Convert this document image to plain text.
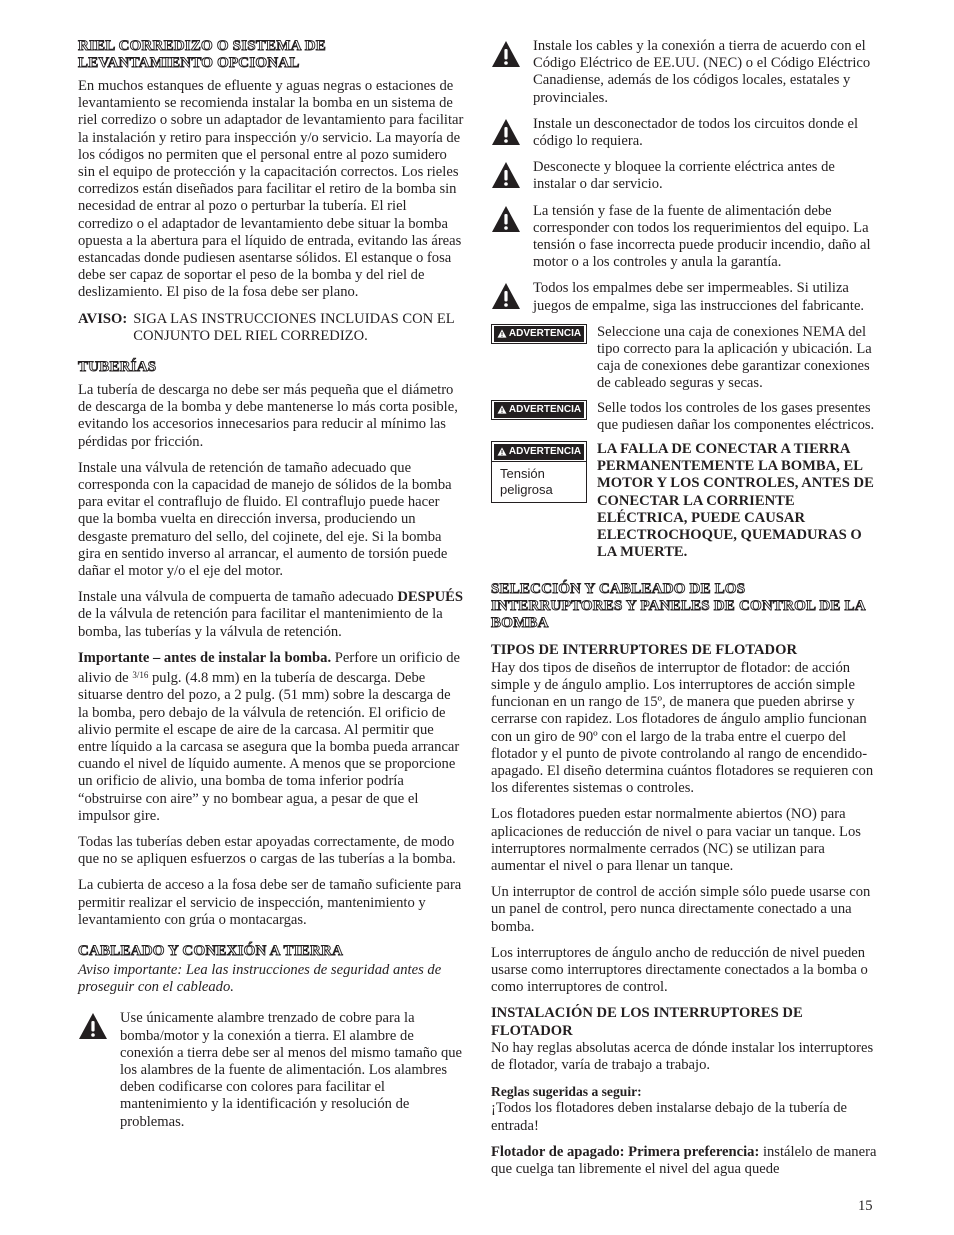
RIEL CORREDIZO O SISTEMA DE LEVANTAMIENTO OPCIONAL

En muchos estanques de efluente y aguas negras o estaciones de levantamiento se recomienda instalar la bomba en un sistema de riel corredizo o sobre un adaptador de levantamiento para facilitar la instalación y retiro para inspección y/o servicio. La mayoría de los códigos no permiten que el personal entre al pozo sumidero sin el equipo de protección y la capacitación correctos. Los rieles corredizos están diseñados para facilitar el retiro de la bomba sin necesidad de entrar al pozo o perturbar la tubería. El riel corredizo o el adaptador de levantamiento debe situar la bomba opuesta a la abertura para el líquido de entrada, evitando las áreas estancadas donde pudiesen asentarse sólidos. El estanque o fosa debe ser capaz de soportar el peso de la bomba y del riel de deslizamiento. El piso de la fosa debe ser plano.

AVISO: SIGA LAS INSTRUCCIONES INCLUIDAS CON EL CONJUNTO DEL RIEL CORREDIZO.
TUBERÍAS

La tubería de descarga no debe ser más pequeña que el diámetro de descarga de la bomba y debe mantenerse lo más corta posible, evitando los accesorios innecesarios para reducir al mínimo las pérdidas por fricción.

Instale una válvula de retención de tamaño adecuado que corresponda con la capacidad de manejo de sólidos de la bomba para evitar el contraflujo de fluido. El contraflujo puede hacer que la bomba vuelta en dirección inversa, produciendo un desgaste prematuro del sello, del cojinete, del eje. Si la bomba gira en sentido inverso al arrancar, el aumento de torsión puede dañar el motor y/o el eje del motor.

Instale una válvula de compuerta de tamaño adecuado DESPUÉS de la válvula de retención para facilitar el mantenimiento de la bomba, las tuberías y la válvula de retención.

Importante – antes de instalar la bomba. Perfore un orificio de alivio de $^{3/16}$ pulg. (4.8 mm) en la tubería de descarga. Debe situarse dentro del pozo, a 2 pulg. (51 mm) sobre la descarga de la bomba, pero debajo de la válvula de retención. El orificio de alivio permite el escape de aire de la carcasa. Al permitir que entre líquido a la carcasa se asegura que la bomba pueda arrancar cuando el nivel de líquido aumente. A menos que se proporcione un orificio de alivio, una bomba de toma inferior podría “obstruirse con aire” y no bombear agua, a pesar de que el impulsor gire.

Todas las tuberías deben estar apoyadas correctamente, de modo que no se apliquen esfuerzos o cargas de las tuberías a la bomba.

La cubierta de acceso a la fosa debe ser de tamaño suficiente para permitir realizar el servicio de inspección, mantenimiento y levantamiento con grúa o montacargas.

CABLEADO Y CONEXIÓN A TIERRA

Aviso importante: Lea las instrucciones de seguridad antes de proseguir con el cableado.

Use únicamente alambre trenzado de cobre para la bomba/motor y la conexión a tierra. El alambre de conexión a tierra debe ser al menos del mismo tamaño que los alambres de la fuente de alimentación. Los alambres deben codificarse con colores para facilitar el mantenimiento y la identificación y resolución de problemas.
Instale los cables y la conexión a tierra de acuerdo con el Código Eléctrico de EE.UU. (NEC) o el Código Eléctrico Canadiense, además de los códigos locales, estatales y provinciales.
Instale un desconectador de todos los circuitos donde el código lo requiera.
Desconecte y bloquee la corriente eléctrica antes de instalar o dar servicio.
La tensión y fase de la fuente de alimentación debe corresponder con todos los requerimientos del equipo. La tensión o fase incorrecta puede producir incendio, daño al motor o a los controles y anula la garantía.
Todos los empalmes debe ser impermeables. Si utiliza juegos de empalme, siga las instrucciones del fabricante.
ADVERTENCIA Seleccione una caja de conexiones NEMA del tipo correcto para la aplicación y ubicación. La caja de conexiones debe garantizar conexiones de cableado seguras y secas.
ADVERTENCIA Selle todos los controles de los gases presentes que pudiesen dañar los componentes eléctricos.
ADVERTENCIA
Tensión peligrosa
LA FALLA DE CONECTAR A TIERRA PERMANENTEMENTE LA BOMBA, EL MOTOR Y LOS CONTROLES, ANTES DE CONECTAR LA CORRIENTE ELÉCTRICA, PUEDE CAUSAR ELECTROCHOQUE, QUEMADURAS O LA MUERTE.
SELECCIÓN Y CABLEADO DE LOS INTERRUPTORES Y PANELES DE CONTROL DE LA BOMBA

TIPOS DE INTERRUPTORES DE FLOTADOR

Hay dos tipos de diseños de interruptor de flotador: de acción simple y de ángulo amplio. Los interruptores de acción simple funcionan en un rango de 15º, de manera que pueden abrirse y cerrarse con rapidez. Los flotadores de ángulo amplio funcionan con un giro de 90º con el largo de la traba entre el cuerpo del flotador y el punto de pivote controlando al rango de encendido-apagado. El diseño determina cuántos flotadores se requieren con los diferentes sistemas o controles.

Los flotadores pueden estar normalmente abiertos (NO) para aplicaciones de reducción de nivel o para vaciar un tanque. Los interruptores normalmente cerrados (NC) se utilizan para aumentar el nivel o para llenar un tanque.

Un interruptor de control de acción simple sólo puede usarse con un panel de control, pero nunca directamente conectado a una bomba.

Los interruptores de ángulo ancho de reducción de nivel pueden usarse como interruptores directamente conectados a la bomba o como interruptores de control.

INSTALACIÓN DE LOS INTERRUPTORES DE FLOTADOR

No hay reglas absolutas acerca de dónde instalar los interruptores de flotador, varía de trabajo a trabajo.

Reglas sugeridas a seguir:

¡Todos los flotadores deben instalarse debajo de la tubería de entrada!

Flotador de apagado: Primera preferencia: instálelo de manera que cuelga tan libremente el nivel del agua quede

15
